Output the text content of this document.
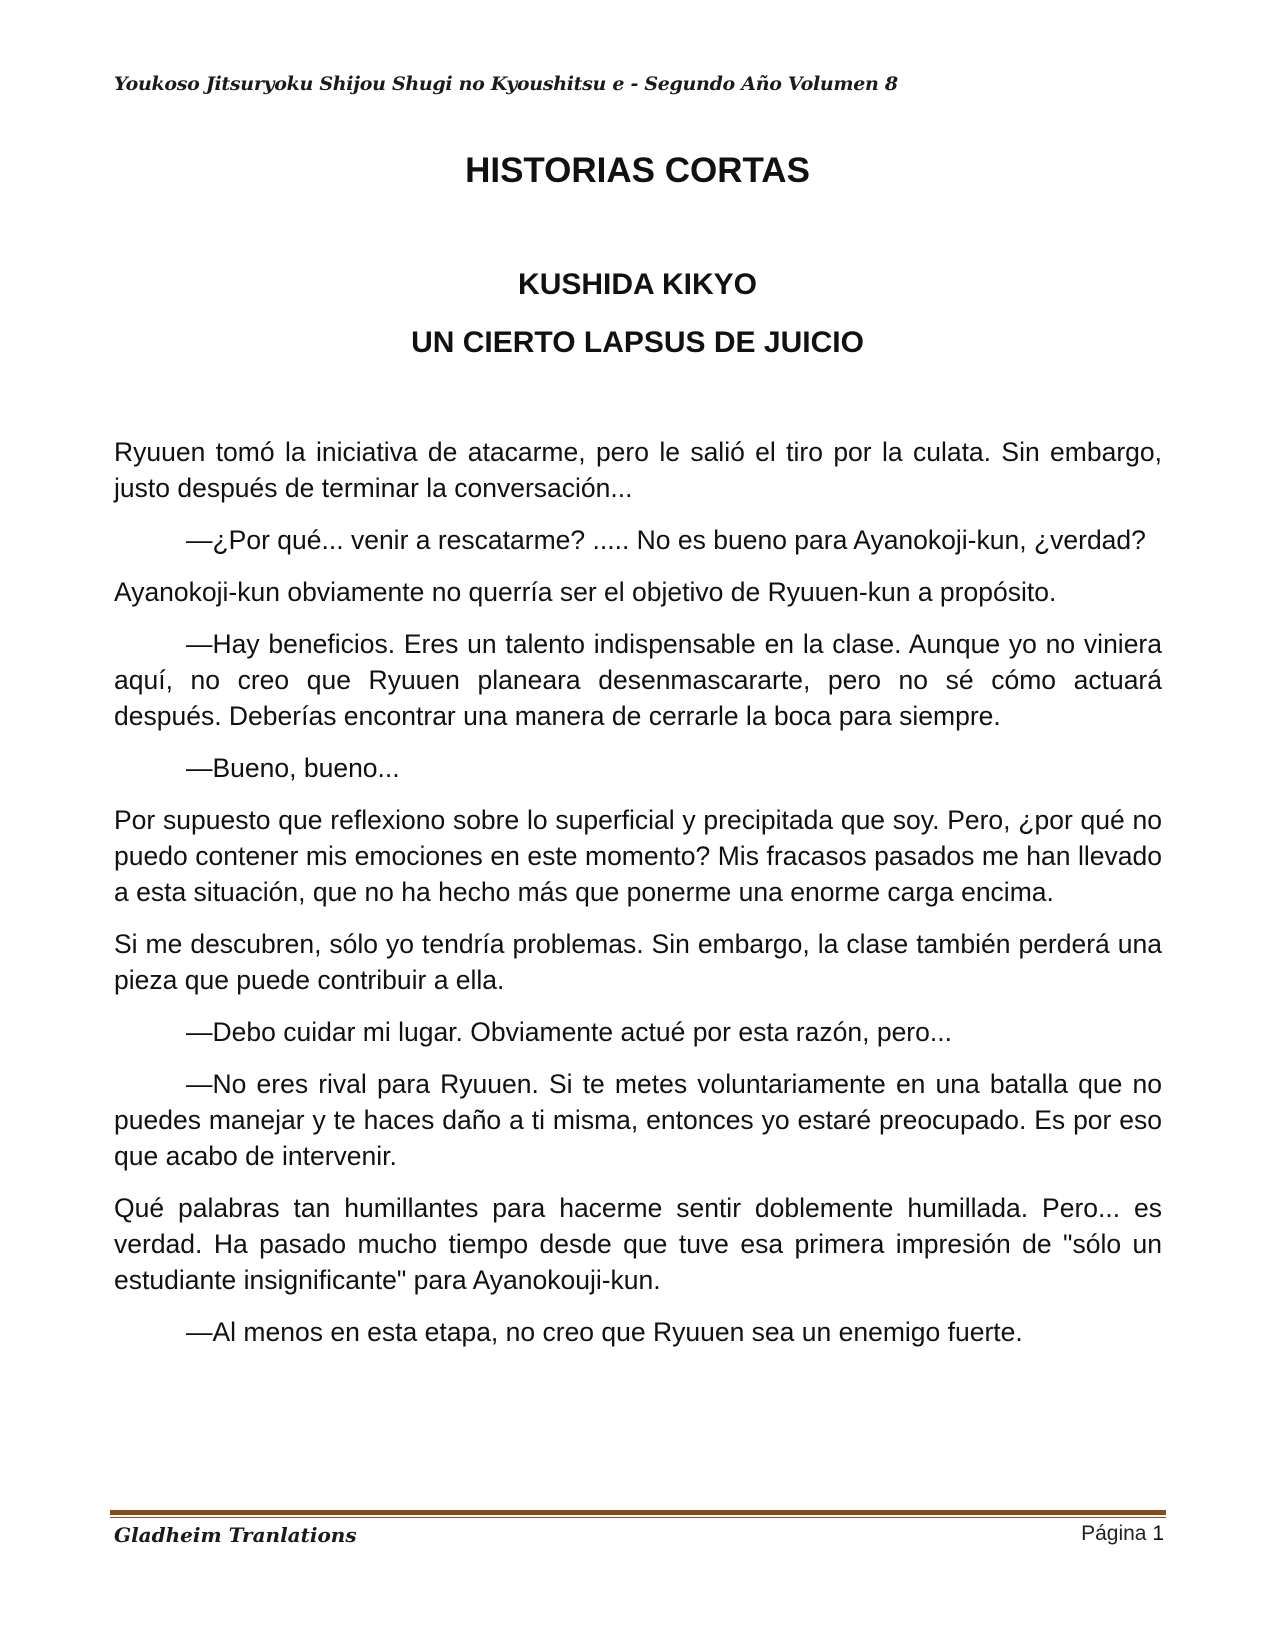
Youkoso Jitsuryoku Shijou Shugi no Kyoushitsu e - Segundo Año Volumen 8
HISTORIAS CORTAS
KUSHIDA KIKYO
UN CIERTO LAPSUS DE JUICIO

Ryuuen tomó la iniciativa de atacarme, pero le salió el tiro por la culata. Sin embargo, justo después de terminar la conversación...

—¿Por qué... venir a rescatarme? ..... No es bueno para Ayanokoji-kun, ¿verdad?

Ayanokoji-kun obviamente no querría ser el objetivo de Ryuuen-kun a propósito.

—Hay beneficios. Eres un talento indispensable en la clase. Aunque yo no viniera aquí, no creo que Ryuuen planeara desenmascararte, pero no sé cómo actuará después. Deberías encontrar una manera de cerrarle la boca para siempre.

—Bueno, bueno...

Por supuesto que reflexiono sobre lo superficial y precipitada que soy. Pero, ¿por qué no puedo contener mis emociones en este momento? Mis fracasos pasados me han llevado a esta situación, que no ha hecho más que ponerme una enorme carga encima.

Si me descubren, sólo yo tendría problemas. Sin embargo, la clase también perderá una pieza que puede contribuir a ella.

—Debo cuidar mi lugar. Obviamente actué por esta razón, pero...

—No eres rival para Ryuuen. Si te metes voluntariamente en una batalla que no puedes manejar y te haces daño a ti misma, entonces yo estaré preocupado. Es por eso que acabo de intervenir.

Qué palabras tan humillantes para hacerme sentir doblemente humillada. Pero... es verdad. Ha pasado mucho tiempo desde que tuve esa primera impresión de "sólo un estudiante insignificante" para Ayanokouji-kun.

—Al menos en esta etapa, no creo que Ryuuen sea un enemigo fuerte.

Gladheim Tranlations	Página 1
